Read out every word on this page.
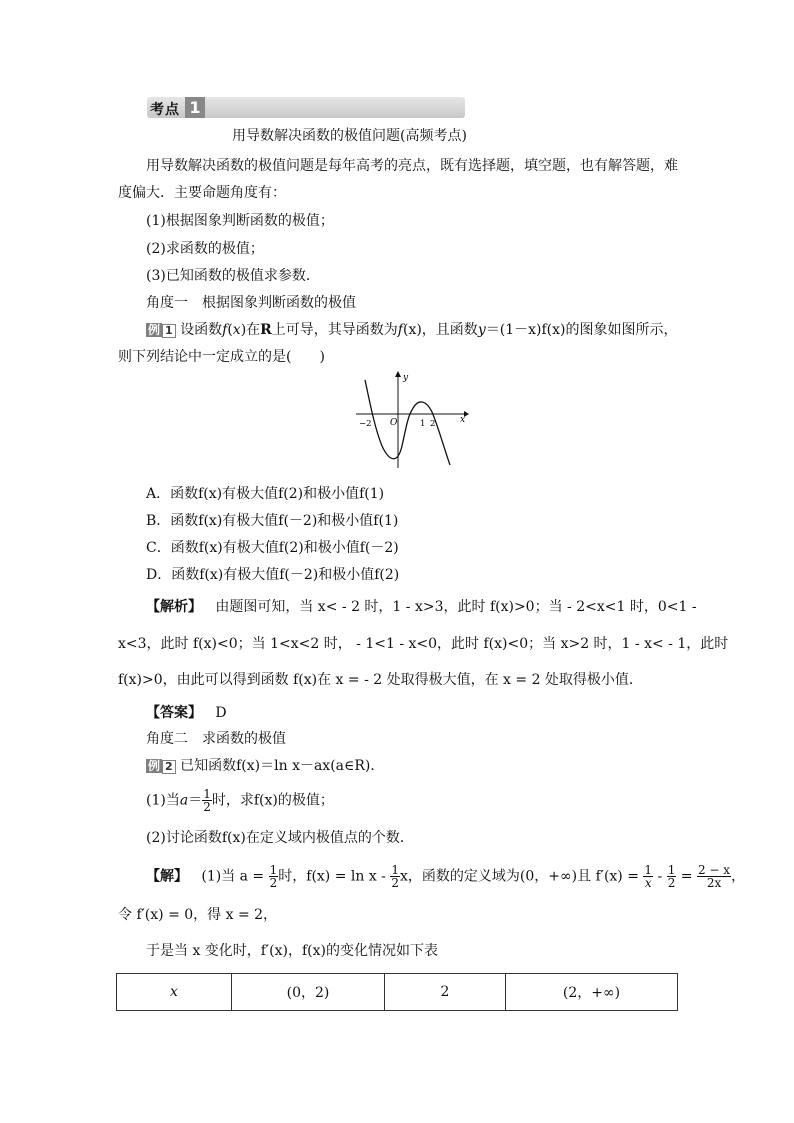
考点 1
用导数解决函数的极值问题(高频考点)
用导数解决函数的极值问题是每年高考的亮点，既有选择题，填空题，也有解答题，难
度偏大．主要命题角度有：
(1)根据图象判断函数的极值；
(2)求函数的极值；
(3)已知函数的极值求参数．
角度一　根据图象判断函数的极值
例 1 设函数f(x)在R上可导，其导函数为f(x)，且函数y＝(1－x)f(x)的图象如图所示，
则下列结论中一定成立的是(　　)
y
x
O
−2	1 2
A．函数f(x)有极大值f(2)和极小值f(1)
B．函数f(x)有极大值f(－2)和极小值f(1)
C．函数f(x)有极大值f(2)和极小值f(－2)
D．函数f(x)有极大值f(－2)和极小值f(2)
【解析】 由题图可知，当 x< - 2 时，1 - x>3，此时 f(x)>0；当 - 2<x<1 时，0<1 -
x<3，此时 f(x)<0；当 1<x<2 时， - 1<1 - x<0，此时 f(x)<0；当 x>2 时，1 - x< - 1，此时
f(x)>0，由此可以得到函数 f(x)在 x = - 2 处取得极大值，在 x = 2 处取得极小值．
【答案】 D
角度二　求函数的极值
例 2 已知函数f(x)＝ln x－ax(a∈R)．
(1)当$a= \frac{1}{2}$ 时，求f(x)的极值；
(2)讨论函数f(x)在定义域内极值点的个数．
【解】 (1)当 $a = \frac{1}{2}$ 时，$f(x) = \ln x - \frac{1}{2}$ x，函数的定义域为(0，+∞)且 $f'(x) = \frac{1}{x} - \frac{1}{2} = \frac{2 - x}{2x}$ ，
令 f′(x) = 0，得 x = 2，
于是当 x 变化时，f′(x)，f(x)的变化情况如下表
x	(0，2)	2	(2，+∞)
